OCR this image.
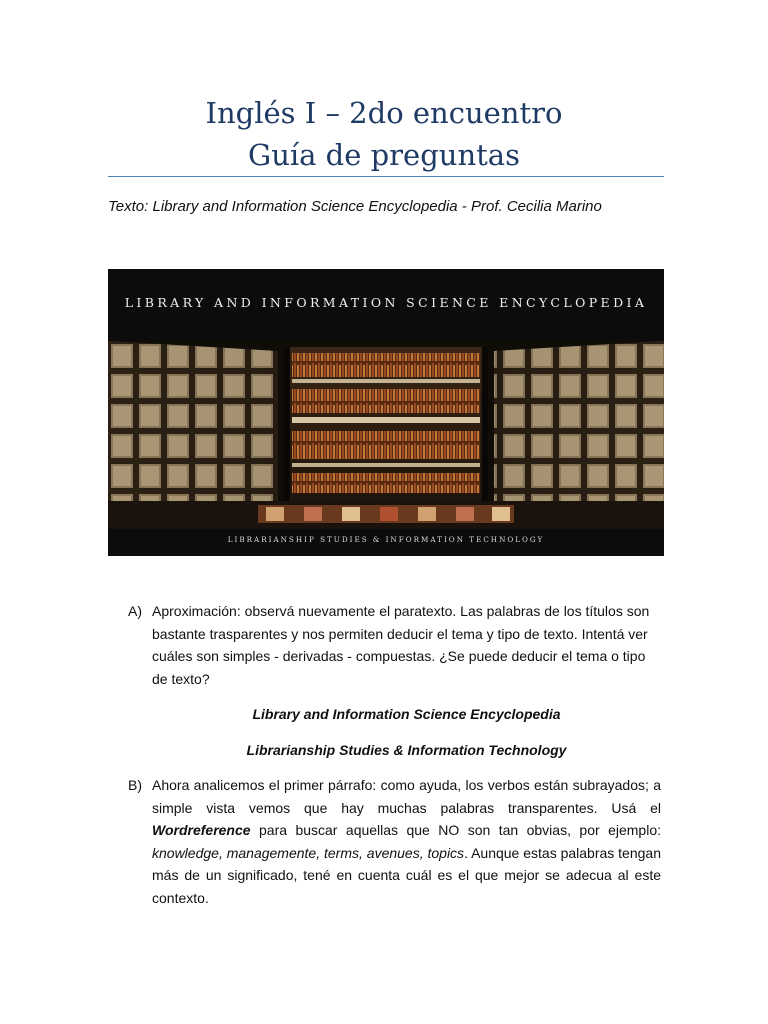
Inglés I – 2do encuentro
Guía de preguntas
Texto: Library and Information Science Encyclopedia - Prof. Cecilia Marino
LIBRARY AND INFORMATION SCIENCE ENCYCLOPEDIA
LIBRARIANSHIP STUDIES & INFORMATION TECHNOLOGY
A) Aproximación: observá nuevamente el paratexto. Las palabras de los títulos son bastante trasparentes y nos permiten deducir el tema y tipo de texto. Intentá ver cuáles son simples - derivadas - compuestas. ¿Se puede deducir el tema o tipo de texto?
Library and Information Science Encyclopedia
Librarianship Studies & Information Technology
B) Ahora analicemos el primer párrafo: como ayuda, los verbos están subrayados; a simple vista vemos que hay muchas palabras transparentes. Usá el Wordreference para buscar aquellas que NO son tan obvias, por ejemplo: knowledge, managemente, terms, avenues, topics. Aunque estas palabras tengan más de un significado, tené en cuenta cuál es el que mejor se adecua al este contexto.
